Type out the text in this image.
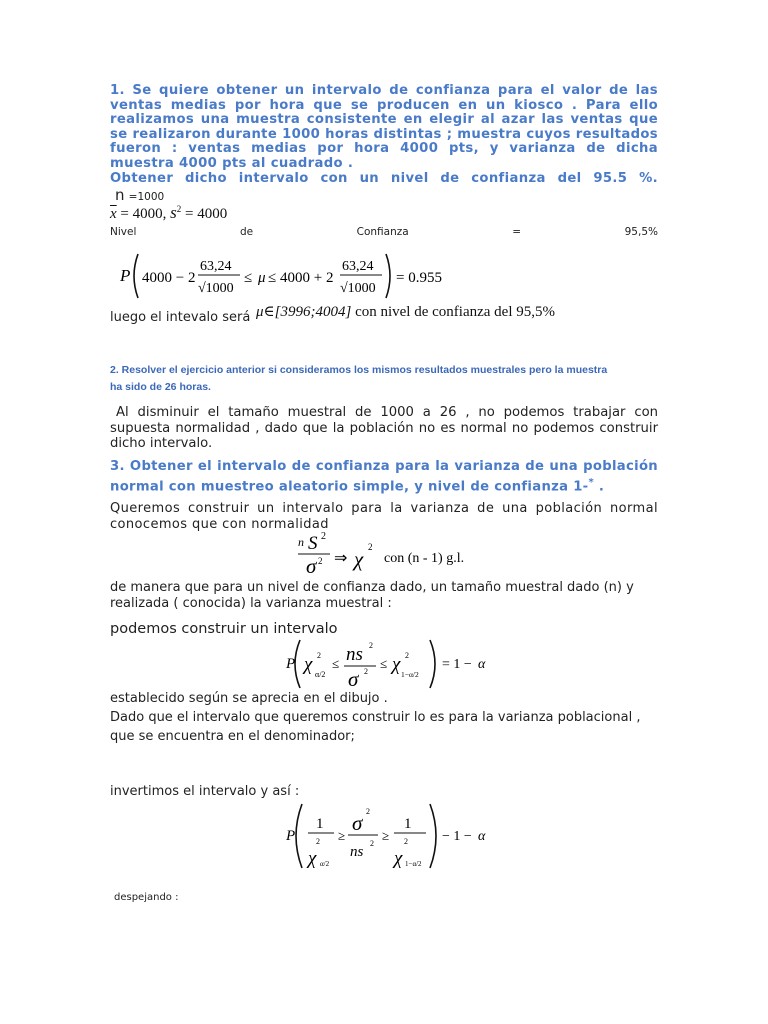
1. Se quiere obtener un intervalo de confianza para el valor de las ventas medias por hora que se producen en un kiosco . Para ello realizamos una muestra consistente en elegir al azar las ventas que se realizaron durante 1000 horas distintas ; muestra cuyos resultados fueron : ventas medias por hora 4000 pts, y varianza de dicha muestra 4000 pts al cuadrado .
Obtener dicho intervalo con un nivel de confianza del 95.5 %.
n =1000
$\overline{x} = 4000$, $s^2 = 4000$
Nivel	de	Confianza	=	95,5%
P 4000 − 2
63,24
√1000
≤ μ ≤ 4000 + 2
63,24
√1000
= 0.955
luego el intevalo será μ∈[3996;4004] con nivel de confianza del 95,5%
2. Resolver el ejercicio anterior si consideramos los mismos resultados muestrales pero la muestra ha sido de 26 horas.
Al disminuir el tamaño muestral de 1000 a 26 , no podemos trabajar con supuesta normalidad , dado que la población no es normal no podemos construir dicho intervalo.
3. Obtener el intervalo de confianza para la varianza de una población normal con muestreo aleatorio simple, y nivel de confianza 1-* .
Queremos construir un intervalo para la varianza de una población normal conocemos que con normalidad
n S 2
σ 2 ⇒ χ 2
con (n - 1) g.l.
de manera que para un nivel de confianza dado, un tamaño muestral dado (n) y realizada ( conocida) la varianza muestral :
podemos construir un intervalo
P χ 2
α/2
≤ ns 2
σ 2
≤ χ 2
1−α/2
= 1 − α
establecido según se aprecia en el dibujo .
Dado que el intervalo que queremos construir lo es para la varianza poblacional ,
que se encuentra en el denominador;
invertimos el intervalo y así :
P
1
2
χ α/2
≥
σ 2
ns
2
≥
1
2
χ 1−α/2
− 1 − α
despejando :
